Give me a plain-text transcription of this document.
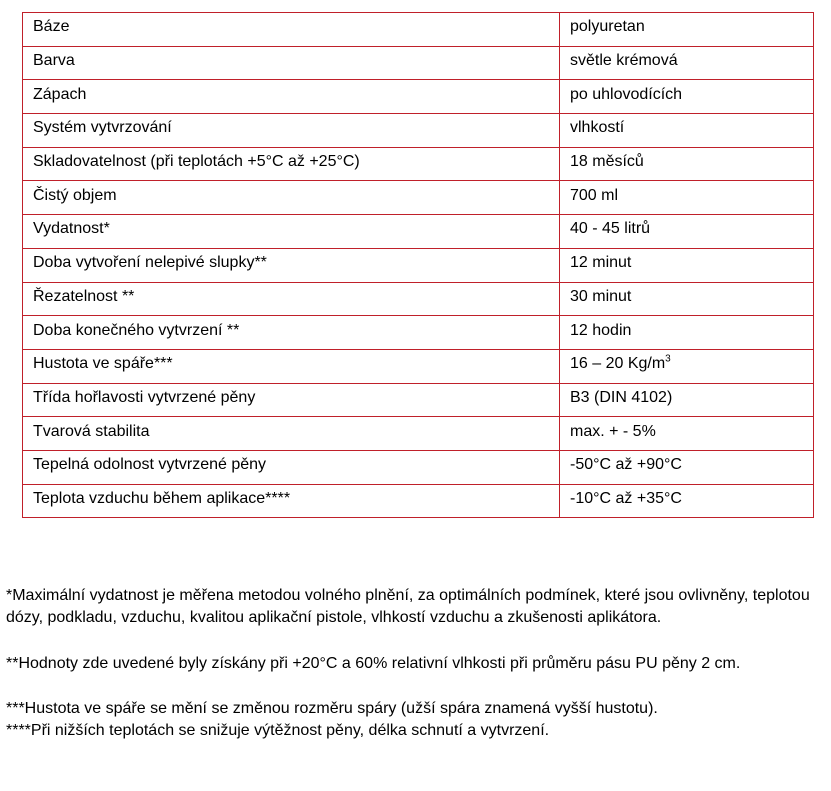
Báze	polyuretan
Barva	světle krémová
Zápach	po uhlovodících
Systém vytvrzování	vlhkostí
Skladovatelnost (při teplotách +5°C až +25°C)	18 měsíců
Čistý objem	700 ml
Vydatnost*	40 - 45 litrů
Doba vytvoření nelepivé slupky**	12 minut
Řezatelnost **	30 minut
Doba konečného vytvrzení **	12 hodin
Hustota ve spáře***	16 – 20 $Kg/m^3$
Třída hořlavosti vytvrzené pěny	B3 (DIN 4102)
Tvarová stabilita	max. + - 5%
Tepelná odolnost vytvrzené pěny	-50°C až +90°C
Teplota vzduchu během aplikace****	-10°C až +35°C

*Maximální vydatnost je měřena metodou volného plnění, za optimálních podmínek, které jsou ovlivněny, teplotou dózy, podkladu, vzduchu, kvalitou aplikační pistole, vlhkostí vzduchu a zkušenosti aplikátora.

**Hodnoty zde uvedené byly získány při +20°C a 60% relativní vlhkosti při průměru pásu PU pěny 2 cm.

***Hustota ve spáře se mění se změnou rozměru spáry (užší spára znamená vyšší hustotu).

****Při nižších teplotách se snižuje výtěžnost pěny, délka schnutí a vytvrzení.
